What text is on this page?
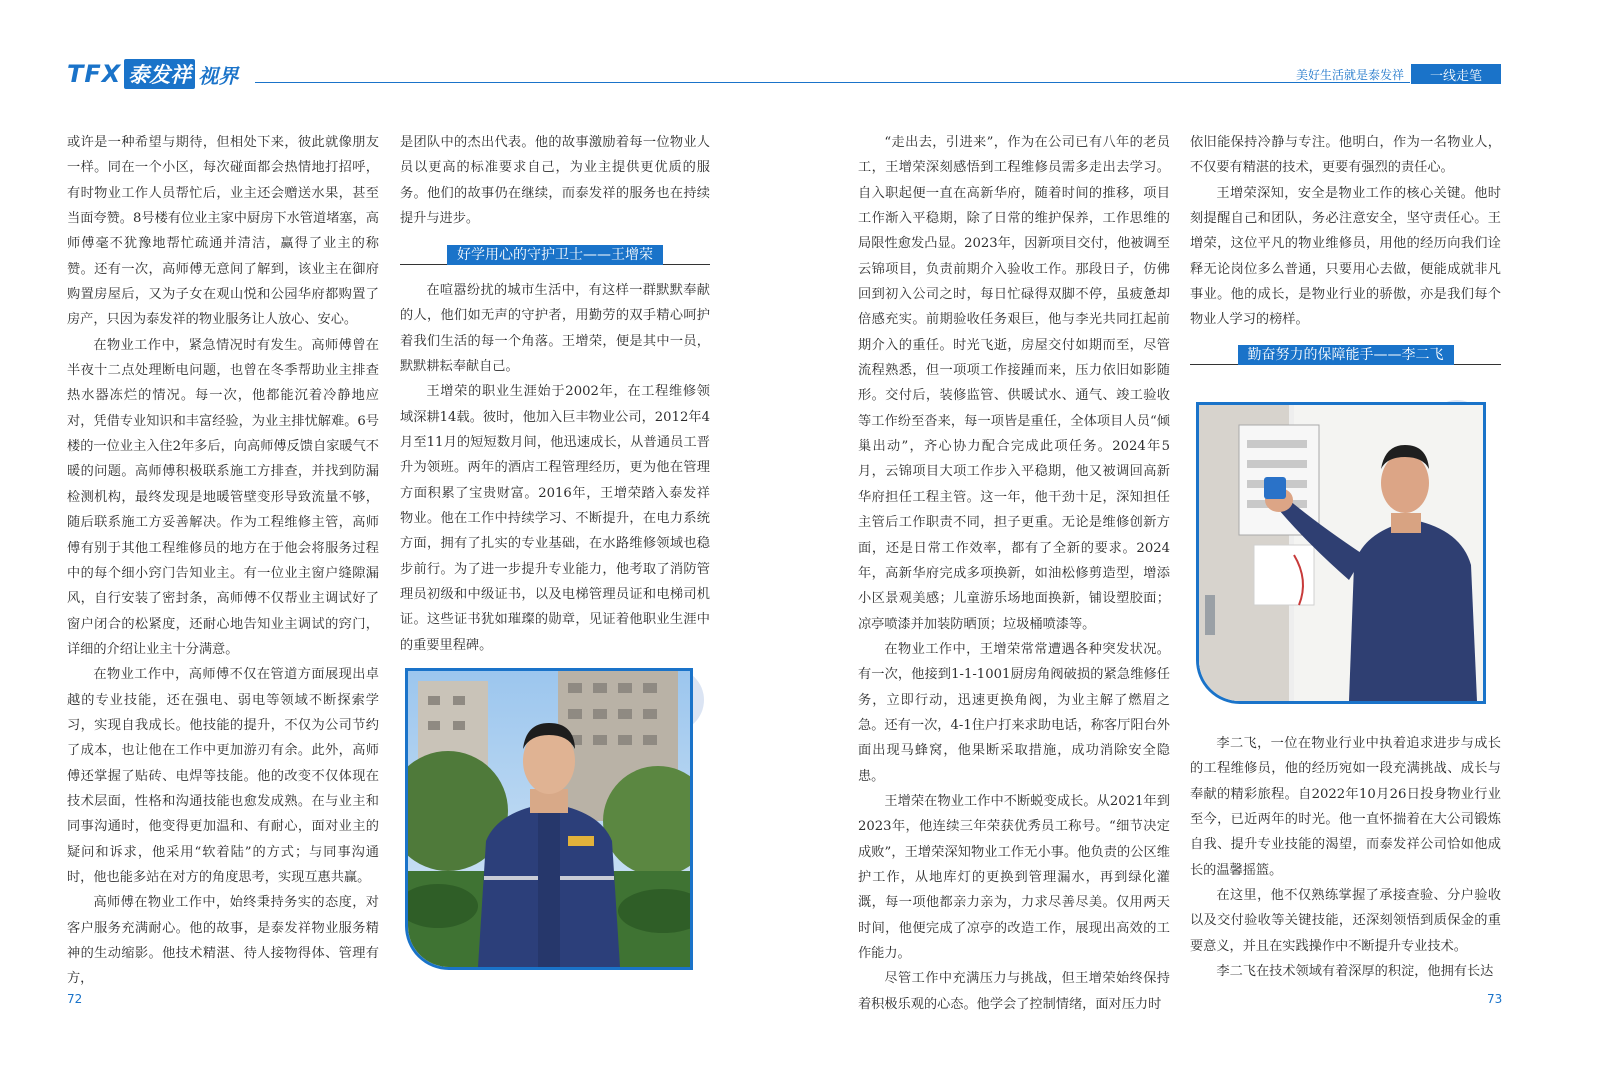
TFX 泰发祥 视界	美好生活就是泰发祥	一线走笔

或许是一种希望与期待，但相处下来，彼此就像朋友一样。同在一个小区，每次碰面都会热情地打招呼，有时物业工作人员帮忙后，业主还会赠送水果，甚至当面夸赞。8号楼有位业主家中厨房下水管道堵塞，高师傅毫不犹豫地帮忙疏通并清洁，赢得了业主的称赞。还有一次，高师傅无意间了解到，该业主在御府购置房屋后，又为子女在观山悦和公园华府都购置了房产，只因为泰发祥的物业服务让人放心、安心。

在物业工作中，紧急情况时有发生。高师傅曾在半夜十二点处理断电问题，也曾在冬季帮助业主排查热水器冻烂的情况。每一次，他都能沉着冷静地应对，凭借专业知识和丰富经验，为业主排忧解难。6号楼的一位业主入住2年多后，向高师傅反馈自家暖气不暖的问题。高师傅积极联系施工方排查，并找到防漏检测机构，最终发现是地暖管壁变形导致流量不够，随后联系施工方妥善解决。作为工程维修主管，高师傅有别于其他工程维修员的地方在于他会将服务过程中的每个细小窍门告知业主。有一位业主窗户缝隙漏风，自行安装了密封条，高师傅不仅帮业主调试好了窗户闭合的松紧度，还耐心地告知业主调试的窍门，详细的介绍让业主十分满意。

在物业工作中，高师傅不仅在管道方面展现出卓越的专业技能，还在强电、弱电等领域不断探索学习，实现自我成长。他技能的提升，不仅为公司节约了成本，也让他在工作中更加游刃有余。此外，高师傅还掌握了贴砖、电焊等技能。他的改变不仅体现在技术层面，性格和沟通技能也愈发成熟。在与业主和同事沟通时，他变得更加温和、有耐心，面对业主的疑问和诉求，他采用“软着陆”的方式；与同事沟通时，他也能多站在对方的角度思考，实现互惠共赢。

高师傅在物业工作中，始终秉持务实的态度，对客户服务充满耐心。他的故事，是泰发祥物业服务精神的生动缩影。他技术精湛、待人接物得体、管理有方，

是团队中的杰出代表。他的故事激励着每一位物业人员以更高的标准要求自己，为业主提供更优质的服务。他们的故事仍在继续，而泰发祥的服务也在持续提升与进步。

好学用心的守护卫士——王增荣

在喧嚣纷扰的城市生活中，有这样一群默默奉献的人，他们如无声的守护者，用勤劳的双手精心呵护着我们生活的每一个角落。王增荣，便是其中一员，默默耕耘奉献自己。

王增荣的职业生涯始于2002年，在工程维修领域深耕14载。彼时，他加入巨丰物业公司，2012年4月至11月的短短数月间，他迅速成长，从普通员工晋升为领班。两年的酒店工程管理经历，更为他在管理方面积累了宝贵财富。2016年，王增荣踏入泰发祥物业。他在工作中持续学习、不断提升，在电力系统方面，拥有了扎实的专业基础，在水路维修领域也稳步前行。为了进一步提升专业能力，他考取了消防管理员初级和中级证书，以及电梯管理员证和电梯司机证。这些证书犹如璀璨的勋章，见证着他职业生涯中的重要里程碑。

72

“走出去，引进来”，作为在公司已有八年的老员工，王增荣深刻感悟到工程维修员需多走出去学习。自入职起便一直在高新华府，随着时间的推移，项目工作渐入平稳期，除了日常的维护保养，工作思维的局限性愈发凸显。2023年，因新项目交付，他被调至云锦项目，负责前期介入验收工作。那段日子，仿佛回到初入公司之时，每日忙碌得双脚不停，虽疲惫却倍感充实。前期验收任务艰巨，他与李光共同扛起前期介入的重任。时光飞逝，房屋交付如期而至，尽管流程熟悉，但一项项工作接踵而来，压力依旧如影随形。交付后，装修监管、供暖试水、通气、竣工验收等工作纷至沓来，每一项皆是重任，全体项目人员“倾巢出动”，齐心协力配合完成此项任务。2024年5月，云锦项目大项工作步入平稳期，他又被调回高新华府担任工程主管。这一年，他干劲十足，深知担任主管后工作职责不同，担子更重。无论是维修创新方面，还是日常工作效率，都有了全新的要求。2024年，高新华府完成多项换新，如油松修剪造型，增添小区景观美感；儿童游乐场地面换新，铺设塑胶面；凉亭喷漆并加装防晒顶；垃圾桶喷漆等。

在物业工作中，王增荣常常遭遇各种突发状况。有一次，他接到1-1-1001厨房角阀破损的紧急维修任务，立即行动，迅速更换角阀，为业主解了燃眉之急。还有一次，4-1住户打来求助电话，称客厅阳台外面出现马蜂窝，他果断采取措施，成功消除安全隐患。

王增荣在物业工作中不断蜕变成长。从2021年到2023年，他连续三年荣获优秀员工称号。“细节决定成败”，王增荣深知物业工作无小事。他负责的公区维护工作，从地库灯的更换到管理漏水，再到绿化灌溉，每一项他都亲力亲为，力求尽善尽美。仅用两天时间，他便完成了凉亭的改造工作，展现出高效的工作能力。

尽管工作中充满压力与挑战，但王增荣始终保持着积极乐观的心态。他学会了控制情绪，面对压力时

依旧能保持冷静与专注。他明白，作为一名物业人，不仅要有精湛的技术，更要有强烈的责任心。

王增荣深知，安全是物业工作的核心关键。他时刻提醒自己和团队，务必注意安全，坚守责任心。王增荣，这位平凡的物业维修员，用他的经历向我们诠释无论岗位多么普通，只要用心去做，便能成就非凡事业。他的成长，是物业行业的骄傲，亦是我们每个物业人学习的榜样。

勤奋努力的保障能手——李二飞

李二飞，一位在物业行业中执着追求进步与成长的工程维修员，他的经历宛如一段充满挑战、成长与奉献的精彩旅程。自2022年10月26日投身物业行业至今，已近两年的时光。他一直怀揣着在大公司锻炼自我、提升专业技能的渴望，而泰发祥公司恰如他成长的温馨摇篮。

在这里，他不仅熟练掌握了承接查验、分户验收以及交付验收等关键技能，还深刻领悟到质保金的重要意义，并且在实践操作中不断提升专业技术。

李二飞在技术领域有着深厚的积淀，他拥有长达

73
